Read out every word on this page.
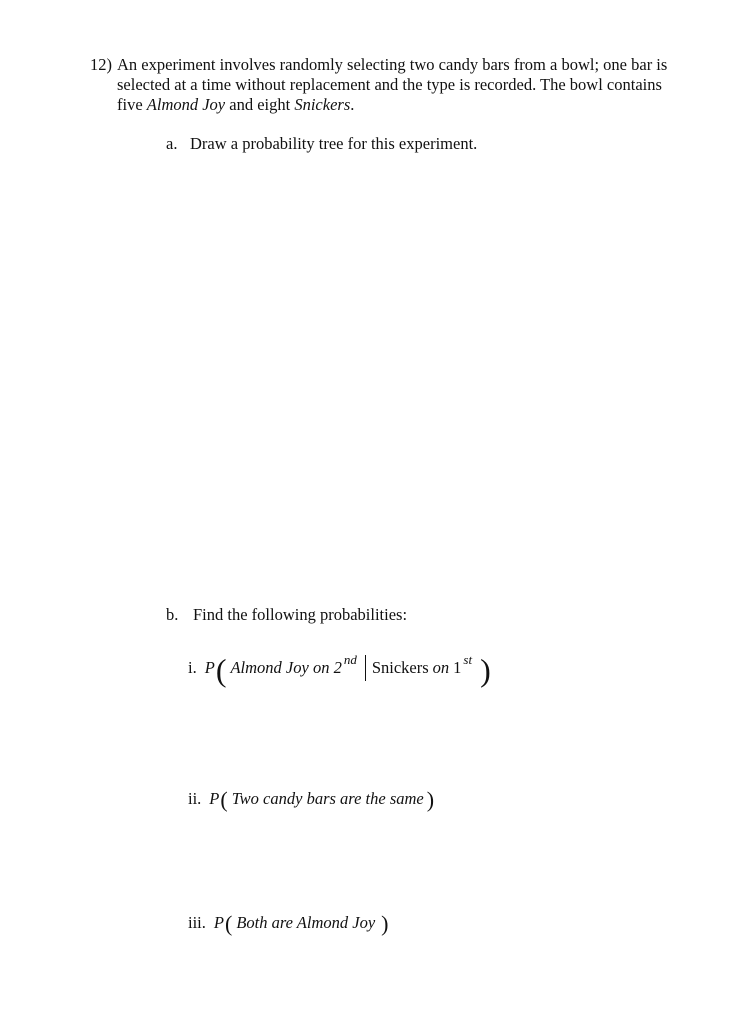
12) An experiment involves randomly selecting two candy bars from a bowl; one bar is
selected at a time without replacement and the type is recorded. The bowl contains
five Almond Joy and eight Snickers.
a. Draw a probability tree for this experiment.
b. Find the following probabilities:
i. P ( Almond Joy on 2 nd Snickers on 1 st )
ii. P ( Two candy bars are the same )
iii. P ( Both are Almond Joy )
